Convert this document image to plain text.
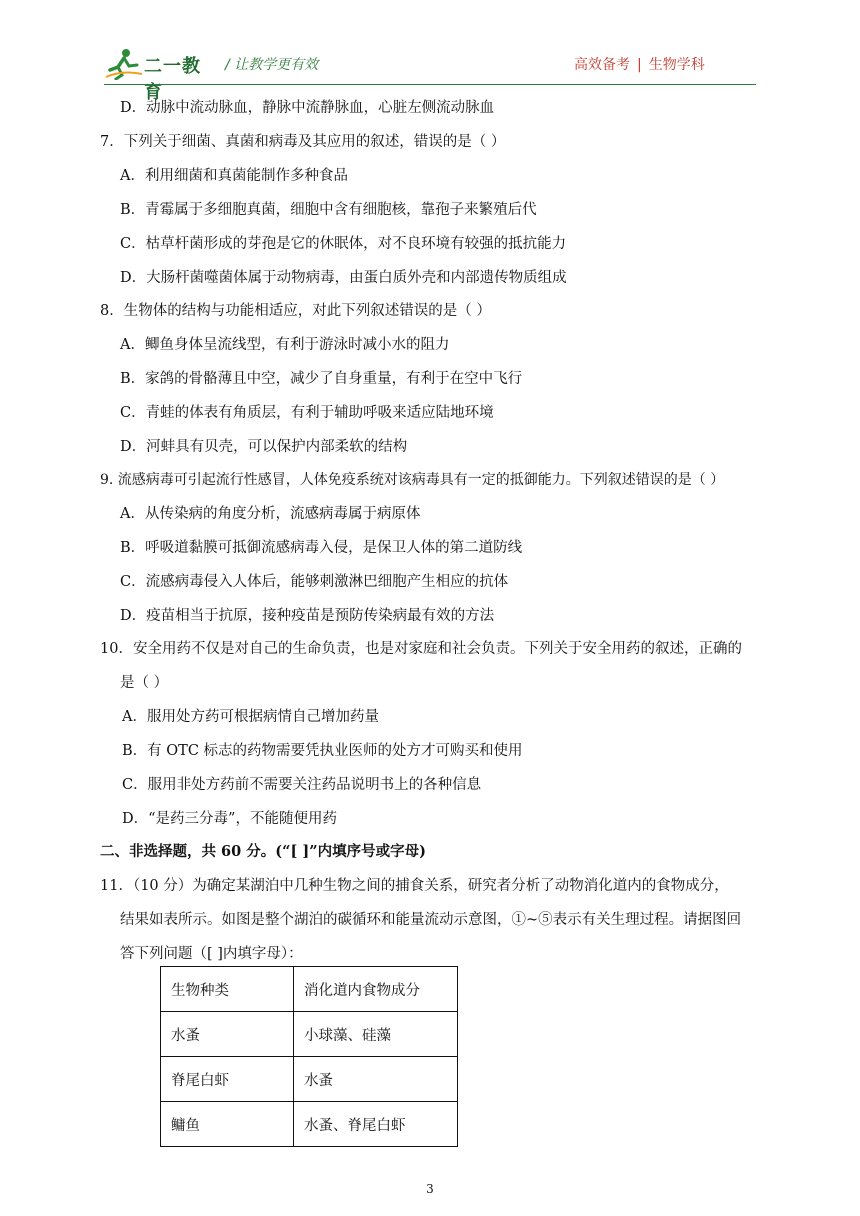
二一教育
/ 让教学更有效	高效备考 | 生物学科
D．动脉中流动脉血，静脉中流静脉血，心脏左侧流动脉血
7．下列关于细菌、真菌和病毒及其应用的叙述，错误的是（ ）
A．利用细菌和真菌能制作多种食品
B．青霉属于多细胞真菌，细胞中含有细胞核，靠孢子来繁殖后代
C．枯草杆菌形成的芽孢是它的休眠体，对不良环境有较强的抵抗能力
D．大肠杆菌噬菌体属于动物病毒，由蛋白质外壳和内部遗传物质组成
8．生物体的结构与功能相适应，对此下列叙述错误的是（ ）
A．鲫鱼身体呈流线型，有利于游泳时减小水的阻力
B．家鸽的骨骼薄且中空，减少了自身重量，有利于在空中飞行
C．青蛙的体表有角质层，有利于辅助呼吸来适应陆地环境
D．河蚌具有贝壳，可以保护内部柔软的结构
9. 流感病毒可引起流行性感冒，人体免疫系统对该病毒具有一定的抵御能力。下列叙述错误的是（ ）
A．从传染病的角度分析，流感病毒属于病原体
B．呼吸道黏膜可抵御流感病毒入侵，是保卫人体的第二道防线
C．流感病毒侵入人体后，能够刺激淋巴细胞产生相应的抗体
D．疫苗相当于抗原，接种疫苗是预防传染病最有效的方法
10．安全用药不仅是对自己的生命负责，也是对家庭和社会负责。下列关于安全用药的叙述，正确的
是（ ）
A．服用处方药可根据病情自己增加药量
B．有 OTC 标志的药物需要凭执业医师的处方才可购买和使用
C．服用非处方药前不需要关注药品说明书上的各种信息
D．“是药三分毒”，不能随便用药
二、非选择题，共 60 分。(“[ ]”内填序号或字母)
11．（10 分）为确定某湖泊中几种生物之间的捕食关系，研究者分析了动物消化道内的食物成分，
结果如表所示。如图是整个湖泊的碳循环和能量流动示意图，①~⑤表示有关生理过程。请据图回
答下列问题（[ ]内填字母）：
生物种类	消化道内食物成分
水蚤	小球藻、硅藻
脊尾白虾	水蚤
鳙鱼	水蚤、脊尾白虾
3
